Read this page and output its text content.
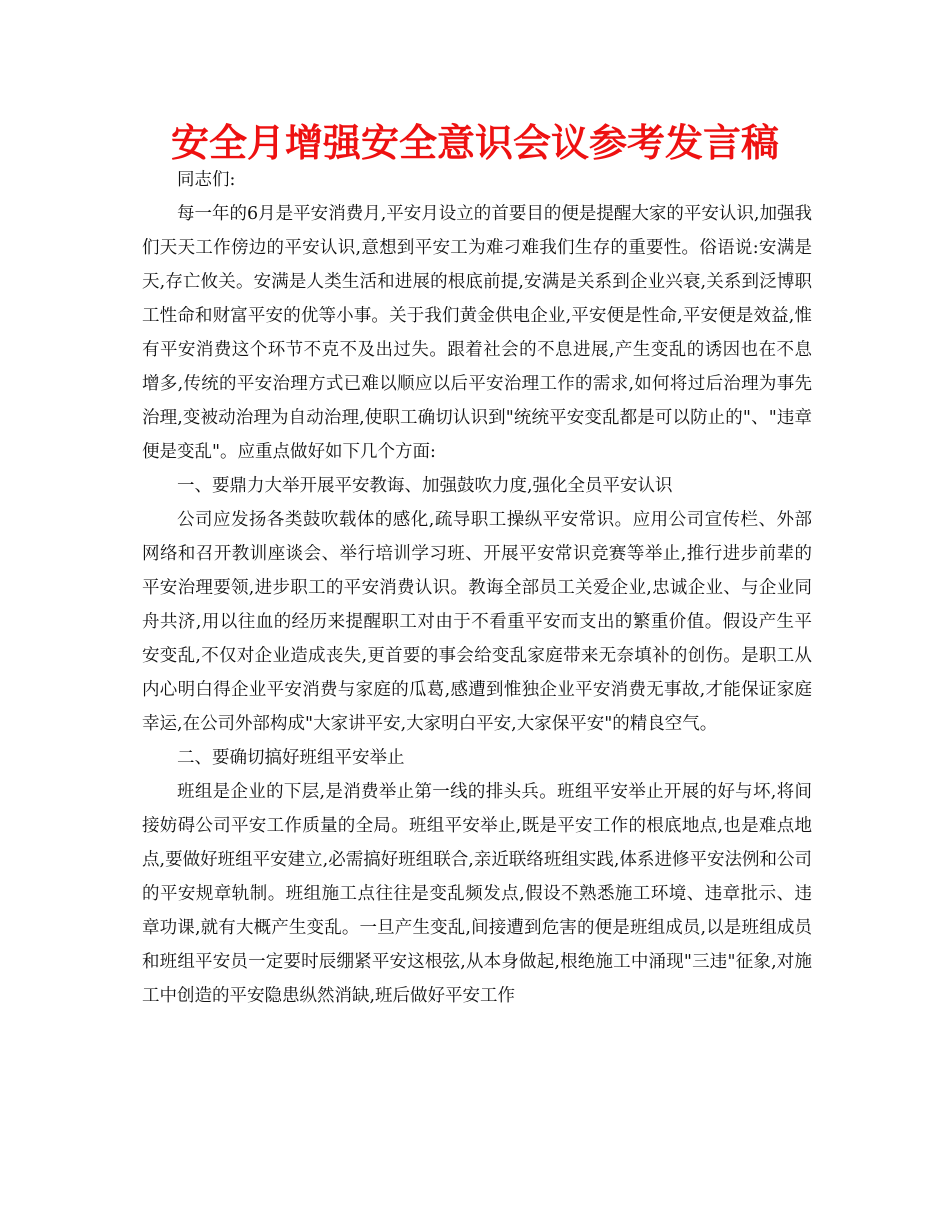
安全月增强安全意识会议参考发言稿

同志们:

每一年的6月是平安消费月,平安月设立的首要目的便是提醒大家的平安认识,加强我们天天工作傍边的平安认识,意想到平安工为难刁难我们生存的重要性。俗语说:安满是天,存亡攸关。安满是人类生活和进展的根底前提,安满是关系到企业兴衰,关系到泛博职工性命和财富平安的优等小事。关于我们黄金供电企业,平安便是性命,平安便是效益,惟有平安消费这个环节不克不及出过失。跟着社会的不息进展,产生变乱的诱因也在不息增多,传统的平安治理方式已难以顺应以后平安治理工作的需求,如何将过后治理为事先治理,变被动治理为自动治理,使职工确切认识到"统统平安变乱都是可以防止的"、"违章便是变乱"。应重点做好如下几个方面:

一、要鼎力大举开展平安教诲、加强鼓吹力度,强化全员平安认识

公司应发扬各类鼓吹载体的感化,疏导职工操纵平安常识。应用公司宣传栏、外部网络和召开教训座谈会、举行培训学习班、开展平安常识竞赛等举止,推行进步前辈的平安治理要领,进步职工的平安消费认识。教诲全部员工关爱企业,忠诚企业、与企业同舟共济,用以往血的经历来提醒职工对由于不看重平安而支出的繁重价值。假设产生平安变乱,不仅对企业造成丧失,更首要的事会给变乱家庭带来无奈填补的创伤。是职工从内心明白得企业平安消费与家庭的瓜葛,感遭到惟独企业平安消费无事故,才能保证家庭幸运,在公司外部构成"大家讲平安,大家明白平安,大家保平安"的精良空气。

二、要确切搞好班组平安举止

班组是企业的下层,是消费举止第一线的排头兵。班组平安举止开展的好与坏,将间接妨碍公司平安工作质量的全局。班组平安举止,既是平安工作的根底地点,也是难点地点,要做好班组平安建立,必需搞好班组联合,亲近联络班组实践,体系进修平安法例和公司的平安规章轨制。班组施工点往往是变乱频发点,假设不熟悉施工环境、违章批示、违章功课,就有大概产生变乱。一旦产生变乱,间接遭到危害的便是班组成员,以是班组成员和班组平安员一定要时辰绷紧平安这根弦,从本身做起,根绝施工中涌现"三违"征象,对施工中创造的平安隐患纵然消缺,班后做好平安工作
